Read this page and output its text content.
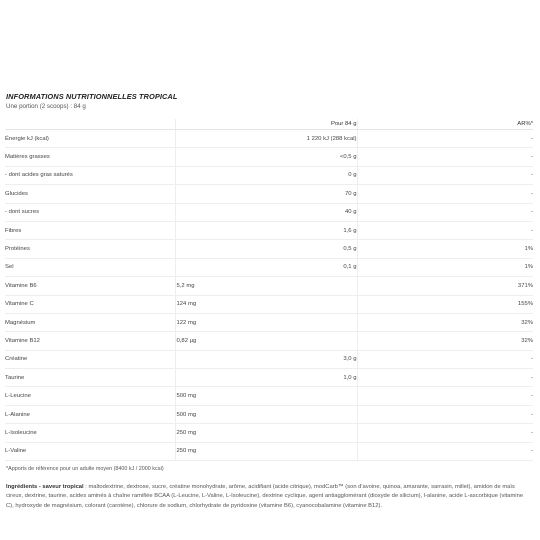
INFORMATIONS NUTRITIONNELLES TROPICAL
Une portion (2 scoops) : 84 g
	Pour 84 g	AR%*
Énergie kJ (kcal)	1 220 kJ (288 kcal)	-
Matières grasses	<0,5 g	-
- dont acides gras saturés	0 g	-
Glucides	70 g	-
- dont sucres	40 g	-
Fibres	1,6 g	-
Protéines	0,5 g	1%
Sel	0,1 g	1%
Vitamine B6	5,2 mg	371%
Vitamine C	124 mg	155%
Magnésium	122 mg	32%
Vitamine B12	0,82 µg	32%
Créatine	3,0 g	-
Taurine	1,0 g	-
L-Leucine	500 mg	-
L-Alanine	500 mg	-
L-Isoleucine	250 mg	-
L-Valine	250 mg	-
*Apports de référence pour un adulte moyen (8400 kJ / 2000 kcal)
Ingrédients - saveur tropical : maltodextrine, dextrose, sucre, créatine monohydrate, arôme, acidifiant (acide citrique), modCarb™ (son d'avoine, quinoa, amarante, sarrasin, millet), amidon de maïs cireux, dextrine, taurine, acides aminés à chaîne ramifiée BCAA (L-Leucine, L-Valine, L-Isoleucine), dextrine cyclique, agent antiagglomérant (dioxyde de silicium), l-alanine, acide L-ascorbique (vitamine C), hydroxyde de magnésium, colorant (carotène), chlorure de sodium, chlorhydrate de pyridoxine (vitamine B6), cyanocobalamine (vitamine B12).
